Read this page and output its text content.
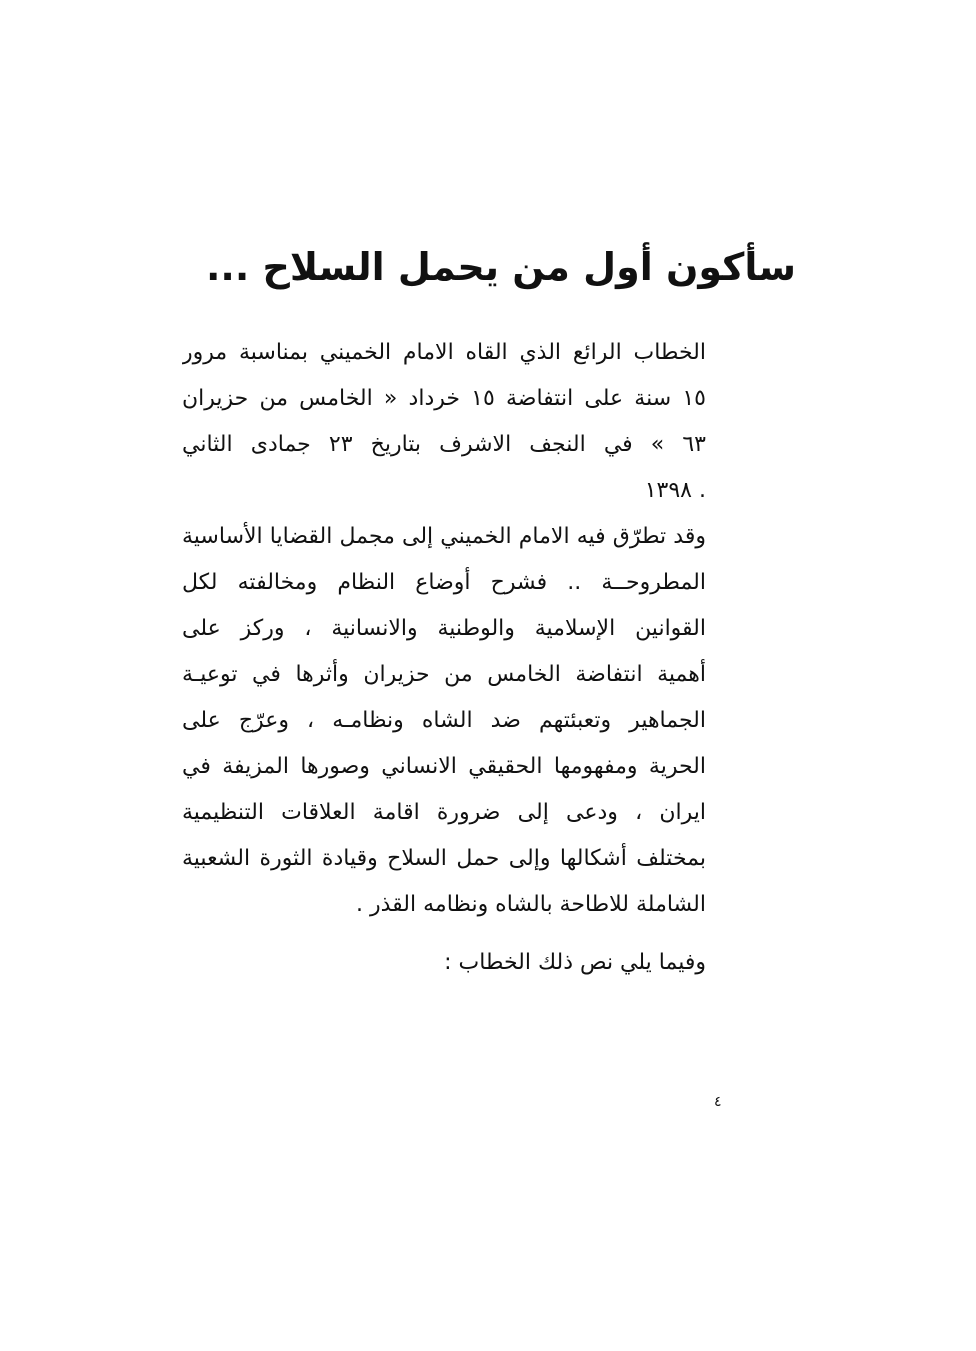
سأكون أول من يحمل السلاح ...
الخطاب الرائع الذي القاه الامام الخميني بمناسبة مرور
١٥ سنة على انتفاضة ١٥ خرداد « الخامس من حزيران
٦٣ » في النجف الاشرف بتاريخ ٢٣ جمادى الثاني
. ١٣٩٨
وقد تطرّق فيه الامام الخميني إلى مجمل القضايا الأساسية
المطروحــة .. فشرح أوضاع النظام ومخالفته لكل
القوانين الإسلامية والوطنية والانسانية ، وركز على
أهمية انتفاضة الخامس من حزيران وأثرها في توعيـة
الجماهير وتعبئتهم ضد الشاه ونظامـه ، وعرّج على
الحرية ومفهومها الحقيقي الانساني وصورها المزيفة في
ايران ، ودعى إلى ضرورة اقامة العلاقات التنظيمية
بمختلف أشكالها وإلى حمل السلاح وقيادة الثورة الشعبية
الشاملة للاطاحة بالشاه ونظامه القذر .
وفيما يلي نص ذلك الخطاب :
٤
